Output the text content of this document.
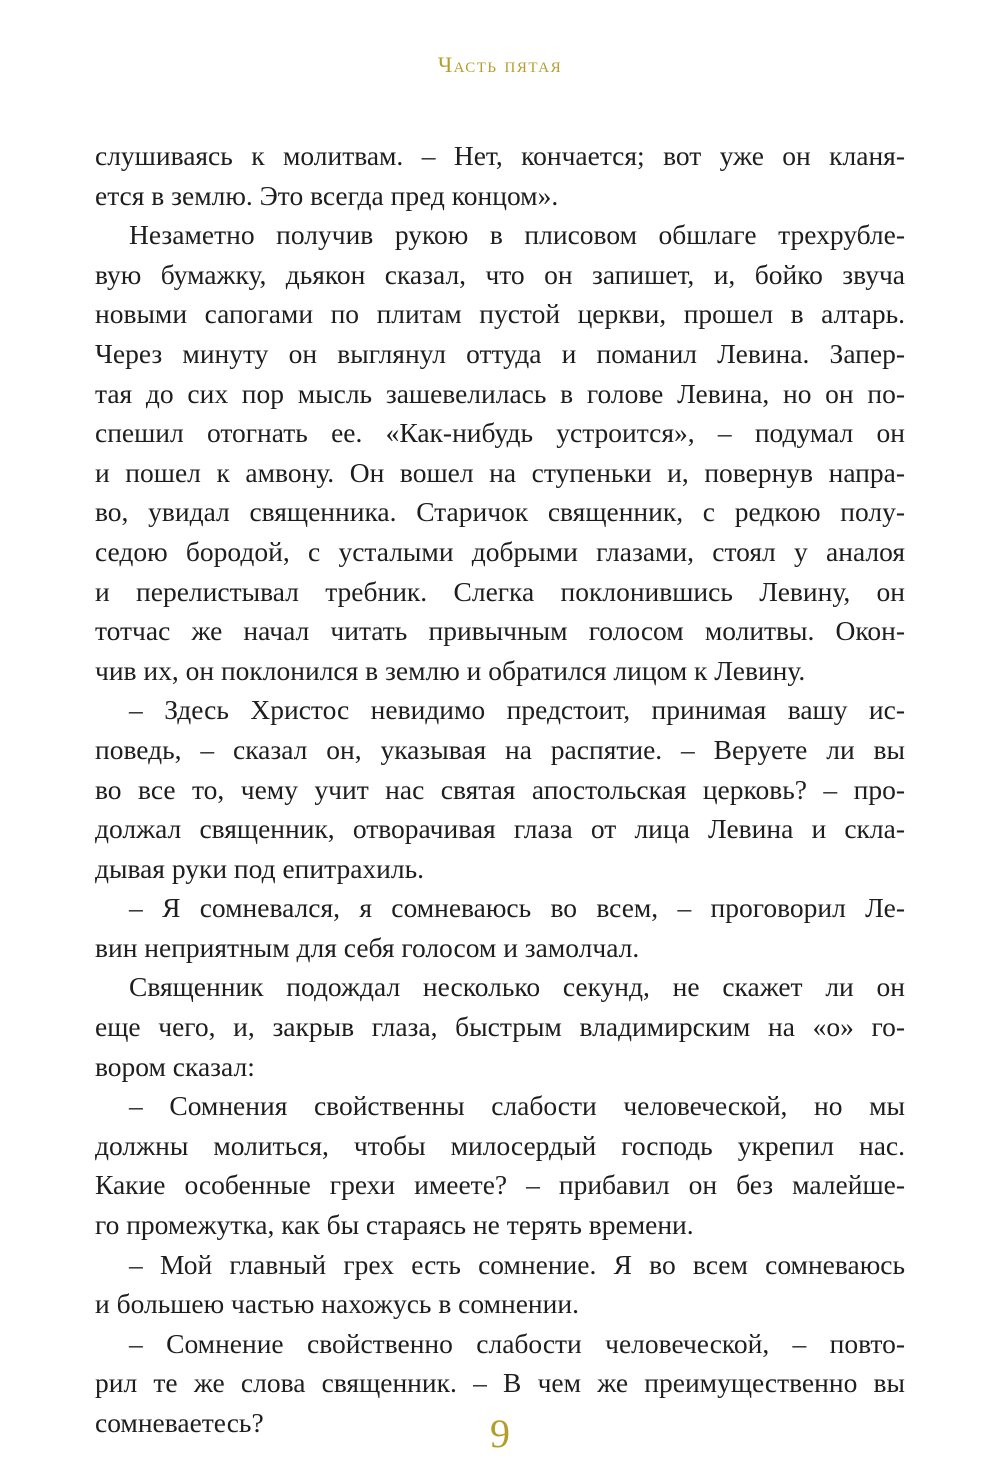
Часть пятая
слушиваясь к молитвам. – Нет, кончается; вот уже он кланя-
ется в землю. Это всегда пред концом».
Незаметно получив рукою в плисовом обшлаге трехрубле-
вую бумажку, дьякон сказал, что он запишет, и, бойко звуча
новыми сапогами по плитам пустой церкви, прошел в алтарь.
Через минуту он выглянул оттуда и поманил Левина. Запер-
тая до сих пор мысль зашевелилась в голове Левина, но он по-
спешил отогнать ее. «Как-нибудь устроится», – подумал он
и пошел к амвону. Он вошел на ступеньки и, повернув напра-
во, увидал священника. Старичок священник, с редкою полу-
седою бородой, с усталыми добрыми глазами, стоял у аналоя
и перелистывал требник. Слегка поклонившись Левину, он
тотчас же начал читать привычным голосом молитвы. Окон-
чив их, он поклонился в землю и обратился лицом к Левину.
– Здесь Христос невидимо предстоит, принимая вашу ис-
поведь, – сказал он, указывая на распятие. – Веруете ли вы
во все то, чему учит нас святая апостольская церковь? – про-
должал священник, отворачивая глаза от лица Левина и скла-
дывая руки под епитрахиль.
– Я сомневался, я сомневаюсь во всем, – проговорил Ле-
вин неприятным для себя голосом и замолчал.
Священник подождал несколько секунд, не скажет ли он
еще чего, и, закрыв глаза, быстрым владимирским на «о» го-
вором сказал:
– Сомнения свойственны слабости человеческой, но мы
должны молиться, чтобы милосердый господь укрепил нас.
Какие особенные грехи имеете? – прибавил он без малейше-
го промежутка, как бы стараясь не терять времени.
– Мой главный грех есть сомнение. Я во всем сомневаюсь
и большею частью нахожусь в сомнении.
– Сомнение свойственно слабости человеческой, – повто-
рил те же слова священник. – В чем же преимущественно вы
сомневаетесь?	9
